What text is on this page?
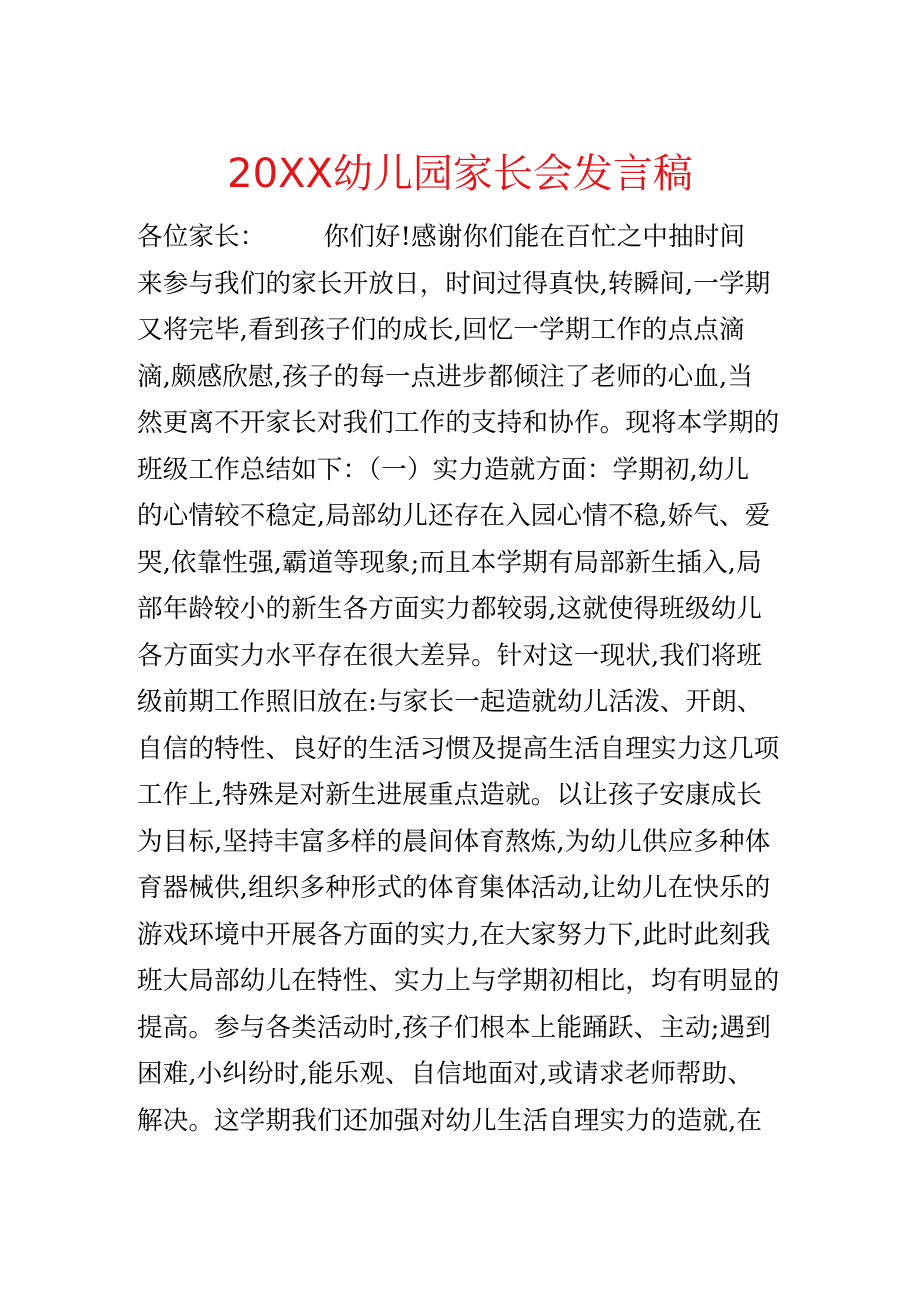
20XX幼儿园家长会发言稿
各位家长： 你们好!感谢你们能在百忙之中抽时间
来参与我们的家长开放日，时间过得真快,转瞬间,一学期
又将完毕,看到孩子们的成长,回忆一学期工作的点点滴
滴,颇感欣慰,孩子的每一点进步都倾注了老师的心血,当
然更离不开家长对我们工作的支持和协作。现将本学期的
班级工作总结如下：（一）实力造就方面：学期初,幼儿
的心情较不稳定,局部幼儿还存在入园心情不稳,娇气、爱
哭,依靠性强,霸道等现象;而且本学期有局部新生插入,局
部年龄较小的新生各方面实力都较弱,这就使得班级幼儿
各方面实力水平存在很大差异。针对这一现状,我们将班
级前期工作照旧放在:与家长一起造就幼儿活泼、开朗、
自信的特性、良好的生活习惯及提高生活自理实力这几项
工作上,特殊是对新生进展重点造就。以让孩子安康成长
为目标,坚持丰富多样的晨间体育熬炼,为幼儿供应多种体
育器械供,组织多种形式的体育集体活动,让幼儿在快乐的
游戏环境中开展各方面的实力,在大家努力下,此时此刻我
班大局部幼儿在特性、实力上与学期初相比，均有明显的
提高。参与各类活动时,孩子们根本上能踊跃、主动;遇到
困难,小纠纷时,能乐观、自信地面对,或请求老师帮助、
解决。这学期我们还加强对幼儿生活自理实力的造就,在
